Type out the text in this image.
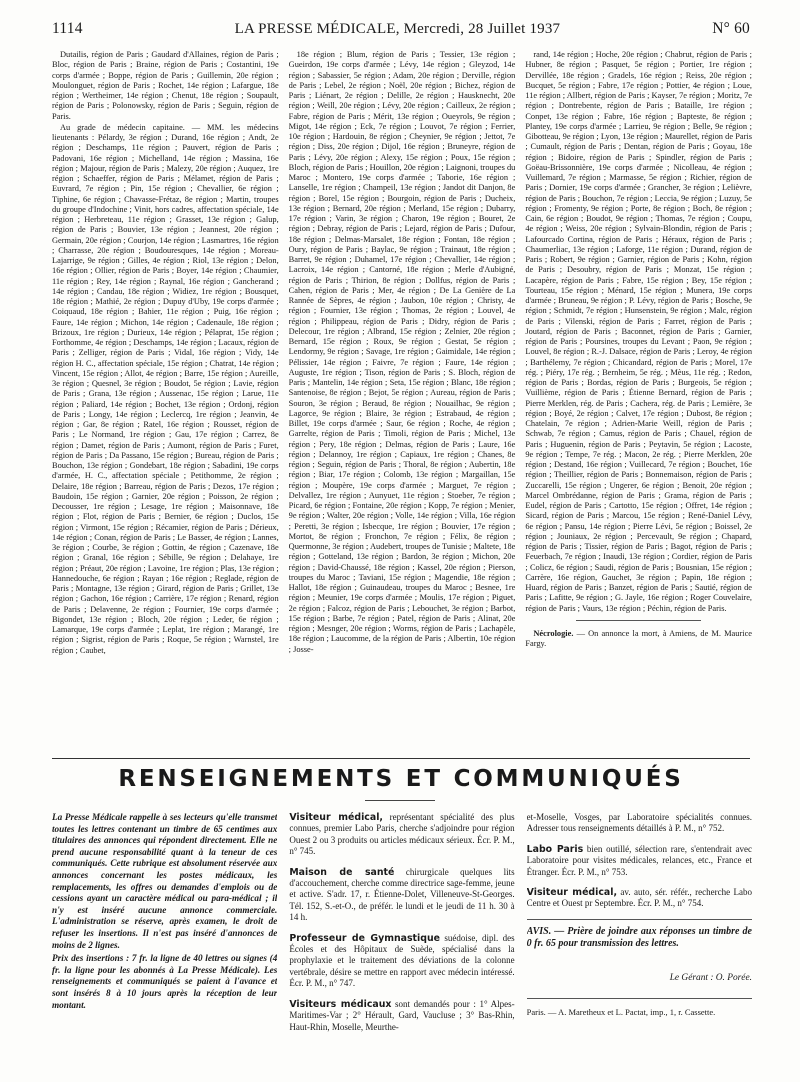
1114	LA PRESSE MÉDICALE, Mercredi, 28 Juillet 1937	N° 60

Dutailis, région de Paris ; Gaudard d'Allaines, région de Paris ; Bloc, région de Paris ; Braine, région de Paris ; Costantini, 19e corps d'armée ; Boppe, région de Paris ; Guillemin, 20e région ; Moulonguet, région de Paris ; Rochet, 14e région ; Lafargue, 18e région ; Wertheimer, 14e région ; Chenut, 18e région ; Soupault, région de Paris ; Polonowsky, région de Paris ; Seguin, région de Paris.

Au grade de médecin capitaine. — MM. les médecins lieutenants : Pélardy, 3e région ; Durand, 16e région ; Andt, 2e région ; Deschamps, 11e région ; Pauvert, région de Paris ; Padovani, 16e région ; Michelland, 14e région ; Massina, 16e région ; Majour, région de Paris ; Malezy, 20e région ; Auquez, 1re région ; Schaeffer, région de Paris ; Mélamet, région de Paris ; Euvrard, 7e région ; Pin, 15e région ; Chevallier, 6e région ; Tiphine, 6e région ; Chavasse-Frétaz, 8e région ; Martin, troupes du groupe d'Indochine ; Vinit, hors cadres, affectation spéciale, 14e région ; Herbreteau, 11e région ; Grasset, 13e région ; Galup, région de Paris ; Bouvier, 13e région ; Jeannest, 20e région ; Germain, 20e région ; Courjon, 14e région ; Lasmartres, 16e région ; Charrasse, 20e région ; Boudouresques, 14e région ; Moreau-Lajarrige, 9e région ; Gilles, 4e région ; Riol, 13e région ; Delon, 16e région ; Ollier, région de Paris ; Boyer, 14e région ; Chaumier, 11e région ; Rey, 14e région ; Raynal, 16e région ; Gancherand ; 14e région ; Candau, 18e région ; Widiez, 1re région ; Bousquet, 18e région ; Mathié, 2e région ; Dupuy d'Uby, 19e corps d'armée ; Coiquaud, 18e région ; Bahier, 11e région ; Puig, 16e région ; Faure, 14e région ; Michon, 14e région ; Cadenaule, 18e région ; Brizoux, 1re région ; Durieux, 14e région ; Pélaprat, 15e région ; Forthomme, 4e région ; Deschamps, 14e région ; Lacaux, région de Paris ; Zelliger, région de Paris ; Vidal, 16e région ; Vidy, 14e région H. C., affectation spéciale, 15e région ; Chatrat, 14e région ; Vincent, 15e région ; Allot, 4e région ; Barre, 15e région ; Aureille, 3e région ; Quesnel, 3e région ; Boudot, 5e région ; Lavie, région de Paris ; Grana, 13e région ; Aussenac, 15e région ; Larue, 11e région ; Paliard, 14e région ; Bochet, 13e région ; Ordonj, région de Paris ; Longy, 14e région ; Leclercq, 1re région ; Jeanvin, 4e région ; Gar, 8e région ; Ratel, 16e région ; Rousset, région de Paris ; Le Normand, 1re région ; Gau, 17e région ; Carrez, 8e région ; Damet, région de Paris ; Aumont, région de Paris ; Furet, région de Paris ; Da Passano, 15e région ; Bureau, région de Paris ; Bouchon, 13e région ; Gondebart, 18e région ; Sabadini, 19e corps d'armée, H. C., affectation spéciale ; Petithomme, 2e région ; Delaire, 18e région ; Barreau, région de Paris ; Dezos, 17e région ; Baudoin, 15e région ; Garnier, 20e région ; Poisson, 2e région ; Decousser, 1re région ; Lesage, 1re région ; Maisonnave, 18e région ; Flot, région de Paris ; Bernier, 6e région ; Duclos, 15e région ; Virmont, 15e région ; Récamier, région de Paris ; Dérieux, 14e région ; Conan, région de Paris ; Le Basser, 4e région ; Lannes, 3e région ; Courbe, 3e région ; Gottin, 4e région ; Cazenave, 18e région ; Granal, 16e région ; Sébille, 9e région ; Delahaye, 1re région ; Préaut, 20e région ; Lavoine, 1re région ; Plas, 13e région ; Hannedouche, 6e région ; Rayan ; 16e région ; Reglade, région de Paris ; Montagne, 13e région ; Girard, région de Paris ; Grillet, 13e région ; Gachon, 16e région ; Carrière, 17e région ; Renard, région de Paris ; Delavenne, 2e région ; Fournier, 19e corps d'armée ; Bigondet, 13e région ; Bloch, 20e région ; Leder, 6e région ; Lamarque, 19e corps d'armée ; Leplat, 1re région ; Marangé, 1re région ; Sigrist, région de Paris ; Roque, 5e région ; Warnstel, 1re région ; Caubet,

18e région ; Blum, région de Paris ; Tessier, 13e région ; Gueirdon, 19e corps d'armée ; Lévy, 14e région ; Gleyzod, 14e région ; Sabassier, 5e région ; Adam, 20e région ; Derville, région de Paris ; Lebel, 2e région ; Noël, 20e région ; Bichez, région de Paris ; Liénart, 2e région ; Delille, 2e région ; Hausknecht, 20e région ; Weill, 20e région ; Lévy, 20e région ; Cailleux, 2e région ; Fabre, région de Paris ; Mérit, 13e région ; Oueyrols, 9e région ; Migot, 14e région ; Eck, 7e région ; Louvot, 7e région ; Ferrier, 10e région ; Hardouin, 8e région ; Cheynier, 9e région ; Jettot, 7e région ; Diss, 20e région ; Dijol, 16e région ; Bruneyre, région de Paris ; Lévy, 20e région ; Alexy, 15e région ; Poux, 15e région ; Bloch, région de Paris ; Houillon, 20e région ; Laignoni, troupes du Maroc ; Montero, 19e corps d'armée ; Taborie, 16e région ; Lanselle, 1re région ; Champeil, 13e région ; Jandot dit Danjon, 8e région ; Borel, 15e région ; Bourgoin, région de Paris ; Ducheix, 13e région ; Bernard, 20e région ; Merland, 15e région ; Dubarry, 17e région ; Varin, 3e région ; Charon, 19e région ; Bouret, 2e région ; Debray, région de Paris ; Lejard, région de Paris ; Dufour, 18e région ; Delmas-Marsalet, 18e région ; Fontan, 18e région ; Oury, région de Paris ; Baylac, 9e région ; Trainaut, 18e région ; Barret, 9e région ; Duhamel, 17e région ; Chevallier, 14e région ; Lacroix, 14e région ; Cantorné, 18e région ; Merle d'Aubigné, région de Paris ; Thirion, 8e région ; Dollfus, région de Paris ; Cahen, région de Paris ; Mer, 4e région ; De La Genière de La Rannée de Sèpres, 4e région ; Jaubon, 10e région ; Christy, 4e région ; Fournier, 13e région ; Thomas, 2e région ; Louvel, 4e région ; Philippeau, région de Paris ; Didry, région de Paris ; Delecour, 1re région ; Albrand, 15e région ; Zelnier, 20e région ; Bernard, 15e région ; Roux, 9e région ; Gestat, 5e région ; Lendormy, 9e région ; Savage, 1re région ; Gaimidale, 14e région ; Pélissier, 14e région ; Faivre, 7e région ; Faure, 14e région ; Auguste, 1re région ; Tison, région de Paris ; S. Bloch, région de Paris ; Mantelin, 14e région ; Seta, 15e région ; Blanc, 18e région ; Santenoise, 8e région ; Bejot, 5e région ; Aureau, région de Paris ; Souron, 3e région ; Beraud, 8e région ; Nouailhac, 9e région ; Lagorce, 9e région ; Blaire, 3e région ; Estrabaud, 4e région ; Billet, 19e corps d'armée ; Saur, 6e région ; Roche, 4e région ; Garrelte, région de Paris ; Timoli, région de Paris ; Michel, 13e région ; Pery, 18e région ; Delmas, région de Paris ; Laure, 16e région ; Delannoy, 1re région ; Capiaux, 1re région ; Chanes, 8e région ; Seguin, région de Paris ; Thoral, 8e région ; Aubertin, 18e région ; Biar, 17e région ; Colomb, 13e région ; Margaillan, 15e région ; Moupère, 19e corps d'armée ; Marguet, 7e région ; Delvallez, 1re région ; Aunyuet, 11e région ; Stoeber, 7e région ; Picard, 6e région ; Fontaine, 20e région ; Kopp, 7e région ; Menier, 9e région ; Walter, 20e région ; Volle, 14e région ; Villa, 16e région ; Peretti, 3e région ; Isbecque, 1re région ; Bouvier, 17e région ; Mortot, 8e région ; Fronchon, 7e région ; Félix, 8e région ; Quermonne, 3e région ; Audebert, troupes de Tunisie ; Maltete, 18e région ; Gotteland, 13e région ; Bardon, 3e région ; Michon, 20e région ; David-Chaussé, 18e région ; Kassel, 20e région ; Pierson, troupes du Maroc ; Taviani, 15e région ; Magendie, 18e région ; Hallot, 18e région ; Guinaudeau, troupes du Maroc ; Besnee, 1re région ; Meunier, 19e corps d'armée ; Moulis, 17e région ; Piguet, 2e région ; Falcoz, région de Paris ; Lebouchet, 3e région ; Barbot, 15e région ; Barbe, 7e région ; Patel, région de Paris ; Alinat, 20e région ; Mesnger, 20e région ; Worms, région de Paris ; Lachapèle, 18e région ; Laucomme, de la région de Paris ; Albertin, 10e région ; Josse-

rand, 14e région ; Hoche, 20e région ; Chabrut, région de Paris ; Hubner, 8e région ; Pasquet, 5e région ; Portier, 1re région ; Dervillée, 18e région ; Gradels, 16e région ; Reiss, 20e région ; Bucquet, 5e région ; Fabre, 17e région ; Pottier, 4e région ; Loue, 11e région ; Allbert, région de Paris ; Kayser, 7e région ; Moritz, 7e région ; Dontrebente, région de Paris ; Bataille, 1re région ; Conpet, 13e région ; Fabre, 16e région ; Bapteste, 8e région ; Plantey, 19e corps d'armée ; Larrieu, 9e région ; Belle, 9e région ; Gibotteau, 9e région ; Lyon, 13e région ; Maurellet, région de Paris ; Cumault, région de Paris ; Dentan, région de Paris ; Goyau, 18e région ; Bidoire, région de Paris ; Spindler, région de Paris ; Goëau-Brissonnière, 19e corps d'armée ; Nicolleau, 4e région ; Vuillemard, 7e région ; Marmasse, 5e région ; Richier, région de Paris ; Dornier, 19e corps d'armée ; Grancher, 3e région ; Lelièvre, région de Paris ; Bouchon, 7e région ; Leccia, 9e région ; Luzuy, 5e région ; Fromenty, 9e région ; Porte, 8e région ; Boch, 8e région ; Cain, 6e région ; Boudot, 9e région ; Thomas, 7e région ; Coupu, 4e région ; Weiss, 20e région ; Sylvain-Blondin, région de Paris ; Lafourcado Cortina, région de Paris ; Héraux, région de Paris ; Chaumerliac, 13e région ; Laforge, 11e région ; Durand, région de Paris ; Robert, 9e région ; Garnier, région de Paris ; Kohn, région de Paris ; Desoubry, région de Paris ; Monzat, 15e région ; Lacapère, région de Paris ; Fabre, 15e région ; Bey, 15e région ; Tourteau, 15e région ; Ménard, 15e région ; Munera, 19e corps d'armée ; Bruneau, 9e région ; P. Lévy, région de Paris ; Bosche, 9e région ; Schmidt, 7e région ; Hunsenstein, 9e région ; Malc, région de Paris ; Vilenski, région de Paris ; Farret, région de Paris ; Joutard, région de Paris ; Baconnet, région de Paris ; Garnier, région de Paris ; Poursines, troupes du Levant ; Paon, 9e région ; Louvel, 8e région ; R.-J. Dalsace, région de Paris ; Leroy, 4e région ; Barthélemy, 7e région ; Chicandard, région de Paris ; Morel, 17e rég. ; Piéry, 17e rég. ; Bernheim, 5e rég. ; Mèus, 11e rég. ; Redon, région de Paris ; Bordas, région de Paris ; Burgeois, 5e région ; Vuillième, région de Paris ; Étienne Bernard, région de Paris ; Pierre Merklen, rég. de Paris ; Cachera, rég. de Paris ; Lemière, 3e région ; Boyé, 2e région ; Calvet, 17e région ; Dubost, 8e région ; Chatelain, 7e région ; Adrien-Marie Weill, région de Paris ; Schwab, 7e région ; Camus, région de Paris ; Chauel, région de Paris ; Huguenin, région de Paris ; Peytavin, 5e région ; Lacoste, 9e région ; Tempe, 7e rég. ; Macon, 2e rég. ; Pierre Merklen, 20e région ; Destand, 16e région ; Vuillecard, 7e région ; Bouchet, 16e région ; Theillier, région de Paris ; Bonnemaison, région de Paris ; Zuccarelli, 15e région ; Ungerer, 6e région ; Benoit, 20e région ; Marcel Ombrédanne, région de Paris ; Grama, région de Paris ; Eudel, région de Paris ; Cartotto, 15e région ; Offret, 14e région ; Sicard, région de Paris ; Marcou, 15e région ; René-Daniel Lévy, 6e région ; Pansu, 14e région ; Pierre Lévi, 5e région ; Boissel, 2e région ; Jouniaux, 2e région ; Percevault, 9e région ; Chapard, région de Paris ; Tissier, région de Paris ; Bagot, région de Paris ; Feuerbach, 7e région ; Inaudi, 13e région ; Cordier, région de Paris ; Colicz, 6e région ; Saudi, région de Paris ; Bousnian, 15e région ; Carrère, 16e région, Gauchet, 3e région ; Papin, 18e région ; Huard, région de Paris ; Banzet, région de Paris ; Sautié, région de Paris ; Lafitte, 9e région ; G. Jayle, 16e région ; Roger Couvelaire, région de Paris ; Vaurs, 13e région ; Péchin, région de Paris.

Nécrologie. — On annonce la mort, à Amiens, de M. Maurice Fargy.

RENSEIGNEMENTS ET COMMUNIQUÉS

La Presse Médicale rappelle à ses lecteurs qu'elle transmet toutes les lettres contenant un timbre de 65 centimes aux titulaires des annonces qui répondent directement. Elle ne prend aucune responsabilité quant à la teneur de ces communiqués. Cette rubrique est absolument réservée aux annonces concernant les postes médicaux, les remplacements, les offres ou demandes d'emplois ou de cessions ayant un caractère médical ou para-médical ; il n'y est inséré aucune annonce commerciale. L'administration se réserve, après examen, le droit de refuser les insertions. Il n'est pas inséré d'annonces de moins de 2 lignes.

Prix des insertions : 7 fr. la ligne de 40 lettres ou signes (4 fr. la ligne pour les abonnés à La Presse Médicale). Les renseignements et communiqués se paient à l'avance et sont insérés 8 à 10 jours après la réception de leur montant.

Visiteur médical, représentant spécialité des plus connues, premier Labo Paris, cherche s'adjoindre pour région Ouest 2 ou 3 produits ou articles médicaux sérieux. Écr. P. M., n° 745.

Maison de santé chirurgicale quelques lits d'accouchement, cherche comme directrice sage-femme, jeune et active. S'adr. 17, r. Étienne-Dolet, Villeneuve-St-Georges. Tél. 152, S.-et-O., de préfér. le lundi et le jeudi de 11 h. 30 à 14 h.

Professeur de Gymnastique suédoise, dipl. des Écoles et des Hôpitaux de Suède, spécialisé dans la prophylaxie et le traitement des déviations de la colonne vertébrale, désire se mettre en rapport avec médecin intéressé. Écr. P. M., n° 747.

Visiteurs médicaux sont demandés pour : 1° Alpes-Maritimes-Var ; 2° Hérault, Gard, Vaucluse ; 3° Bas-Rhin, Haut-Rhin, Moselle, Meurthe-

et-Moselle, Vosges, par Laboratoire spécialités connues. Adresser tous renseignements détaillés à P. M., n° 752.

Labo Paris bien outillé, sélection rare, s'entendrait avec Laboratoire pour visites médicales, relances, etc., France et Étranger. Écr. P. M., n° 753.

Visiteur médical, av. auto, sér. référ., recherche Labo Centre et Ouest pr Septembre. Écr. P. M., n° 754.

AVIS. — Prière de joindre aux réponses un timbre de 0 fr. 65 pour transmission des lettres.

Le Gérant : O. Porée.

Paris. — A. Maretheux et L. Pactat, imp., 1, r. Cassette.
